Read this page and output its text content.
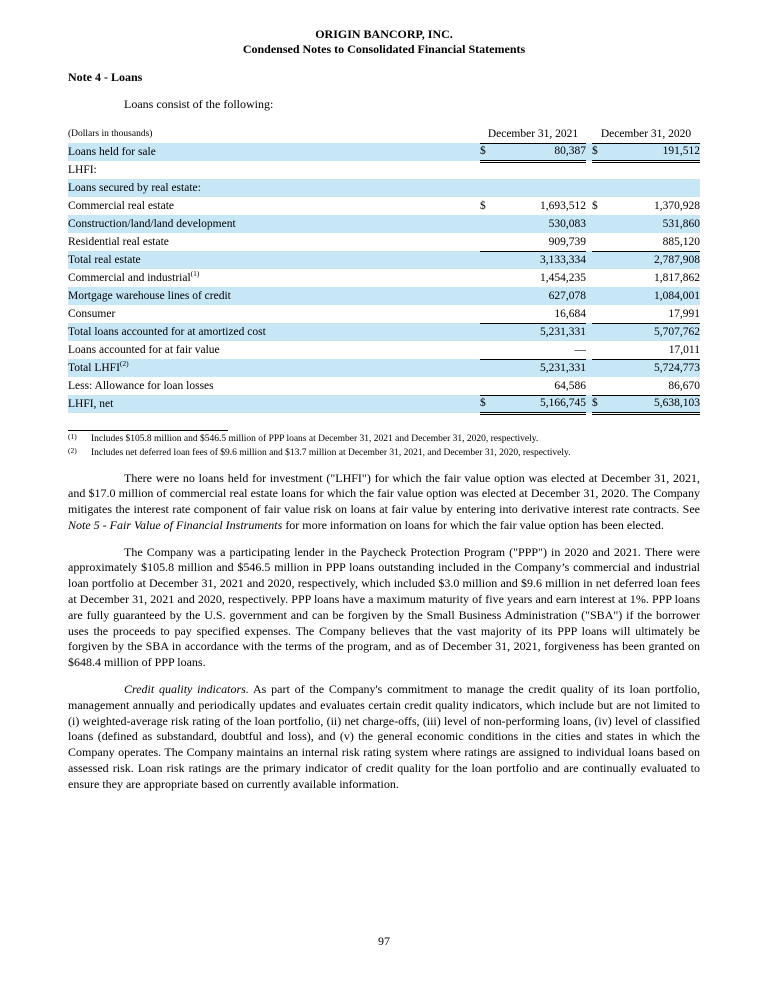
ORIGIN BANCORP, INC.
Condensed Notes to Consolidated Financial Statements
Note 4 - Loans
Loans consist of the following:
(Dollars in thousands)	December 31, 2021			December 31, 2020	
Loans held for sale	$	80,387		$	191,512
LHFI:					
Loans secured by real estate:					
Commercial real estate	$	1,693,512		$	1,370,928
Construction/land/land development		530,083			531,860
Residential real estate		909,739			885,120
Total real estate		3,133,334			2,787,908
Commercial and industrial$^{(1)}$		1,454,235			1,817,862
Mortgage warehouse lines of credit		627,078			1,084,001
Consumer		16,684			17,991
Total loans accounted for at amortized cost		5,231,331			5,707,762
Loans accounted for at fair value		—			17,011
Total LHFI$^{(2)}$		5,231,331			5,724,773
Less: Allowance for loan losses		64,586			86,670
LHFI, net	$	5,166,745		$	5,638,103
(1) Includes $105.8 million and $546.5 million of PPP loans at December 31, 2021 and December 31, 2020, respectively.
(2) Includes net deferred loan fees of $9.6 million and $13.7 million at December 31, 2021, and December 31, 2020, respectively.

There were no loans held for investment ("LHFI") for which the fair value option was elected at December 31, 2021, and $17.0 million of commercial real estate loans for which the fair value option was elected at December 31, 2020. The Company mitigates the interest rate component of fair value risk on loans at fair value by entering into derivative interest rate contracts. See Note 5 - Fair Value of Financial Instruments for more information on loans for which the fair value option has been elected.

The Company was a participating lender in the Paycheck Protection Program ("PPP") in 2020 and 2021. There were approximately $105.8 million and $546.5 million in PPP loans outstanding included in the Company’s commercial and industrial loan portfolio at December 31, 2021 and 2020, respectively, which included $3.0 million and $9.6 million in net deferred loan fees at December 31, 2021 and 2020, respectively. PPP loans have a maximum maturity of five years and earn interest at 1%. PPP loans are fully guaranteed by the U.S. government and can be forgiven by the Small Business Administration ("SBA") if the borrower uses the proceeds to pay specified expenses. The Company believes that the vast majority of its PPP loans will ultimately be forgiven by the SBA in accordance with the terms of the program, and as of December 31, 2021, forgiveness has been granted on $648.4 million of PPP loans.

Credit quality indicators. As part of the Company's commitment to manage the credit quality of its loan portfolio, management annually and periodically updates and evaluates certain credit quality indicators, which include but are not limited to (i) weighted-average risk rating of the loan portfolio, (ii) net charge-offs, (iii) level of non-performing loans, (iv) level of classified loans (defined as substandard, doubtful and loss), and (v) the general economic conditions in the cities and states in which the Company operates. The Company maintains an internal risk rating system where ratings are assigned to individual loans based on assessed risk. Loan risk ratings are the primary indicator of credit quality for the loan portfolio and are continually evaluated to ensure they are appropriate based on currently available information.

97
